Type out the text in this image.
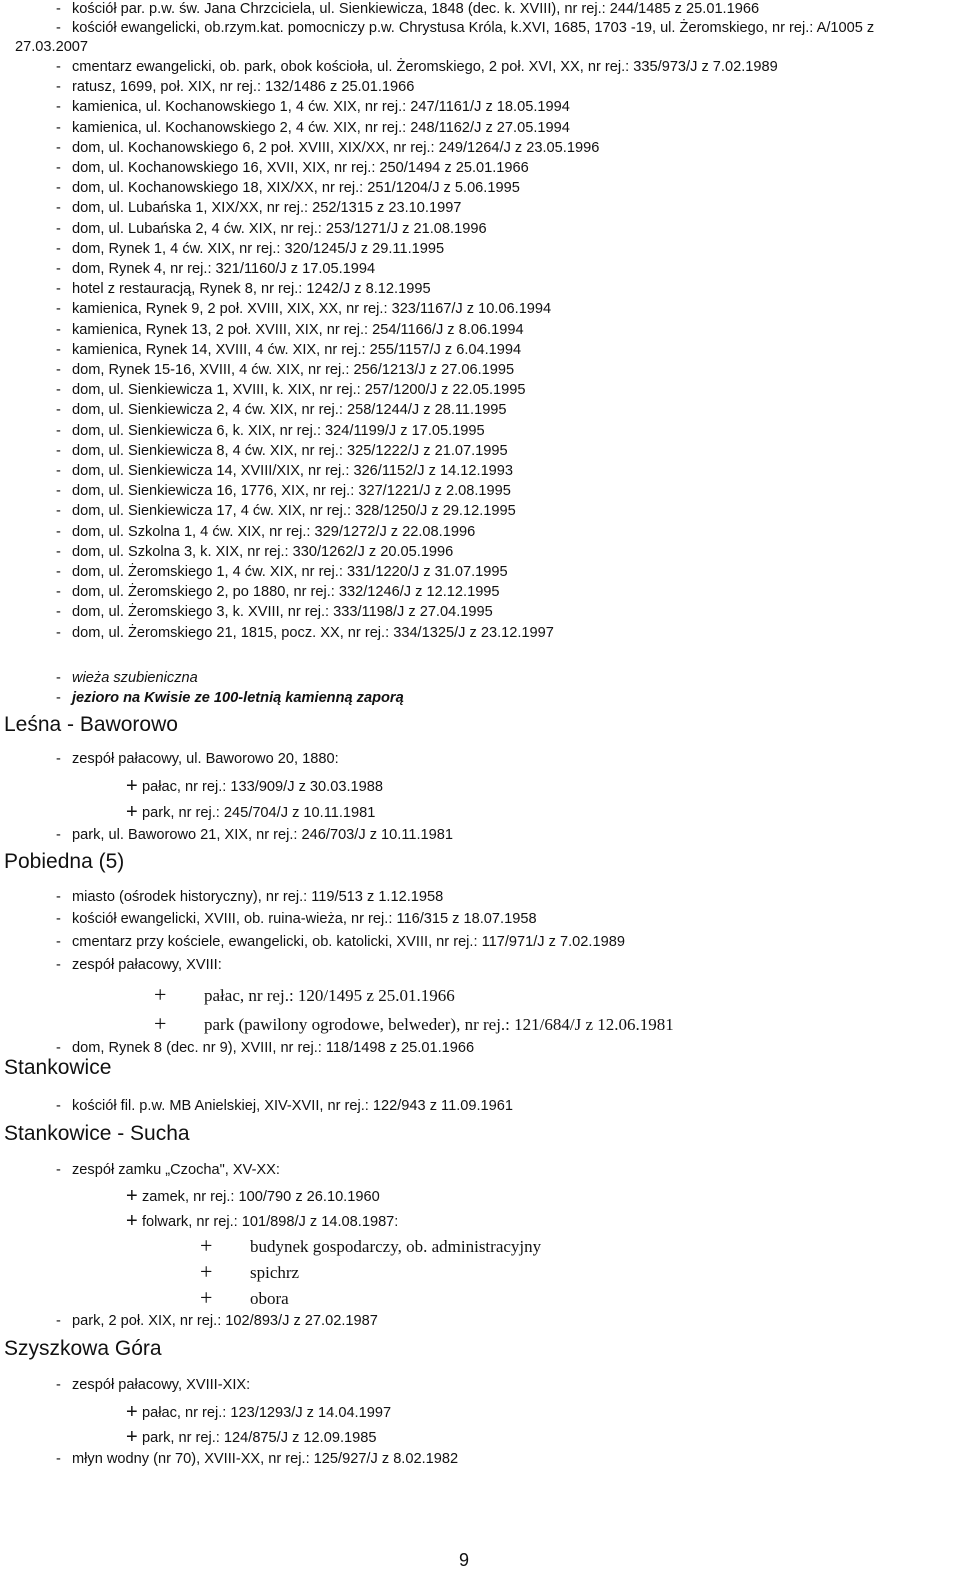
- kościół par. p.w. św. Jana Chrzciciela, ul. Sienkiewicza, 1848 (dec. k. XVIII), nr rej.: 244/1485 z 25.01.1966
- kościół ewangelicki, ob.rzym.kat. pomocniczy p.w. Chrystusa Króla, k.XVI, 1685, 1703 -19, ul. Żeromskiego, nr rej.: A/1005 z
27.03.2007
- cmentarz ewangelicki, ob. park, obok kościoła, ul. Żeromskiego, 2 poł. XVI, XX, nr rej.: 335/973/J z 7.02.1989
- ratusz, 1699, poł. XIX, nr rej.: 132/1486 z 25.01.1966
- kamienica, ul. Kochanowskiego 1, 4 ćw. XIX, nr rej.: 247/1161/J z 18.05.1994
- kamienica, ul. Kochanowskiego 2, 4 ćw. XIX, nr rej.: 248/1162/J z 27.05.1994
- dom, ul. Kochanowskiego 6, 2 poł. XVIII, XIX/XX, nr rej.: 249/1264/J z 23.05.1996
- dom, ul. Kochanowskiego 16, XVII, XIX, nr rej.: 250/1494 z 25.01.1966
- dom, ul. Kochanowskiego 18, XIX/XX, nr rej.: 251/1204/J z 5.06.1995
- dom, ul. Lubańska 1, XIX/XX, nr rej.: 252/1315 z 23.10.1997
- dom, ul. Lubańska 2, 4 ćw. XIX, nr rej.: 253/1271/J z 21.08.1996
- dom, Rynek 1, 4 ćw. XIX, nr rej.: 320/1245/J z 29.11.1995
- dom, Rynek 4, nr rej.: 321/1160/J z 17.05.1994
- hotel z restauracją, Rynek 8, nr rej.: 1242/J z 8.12.1995
- kamienica, Rynek 9, 2 poł. XVIII, XIX, XX, nr rej.: 323/1167/J z 10.06.1994
- kamienica, Rynek 13, 2 poł. XVIII, XIX, nr rej.: 254/1166/J z 8.06.1994
- kamienica, Rynek 14, XVIII, 4 ćw. XIX, nr rej.: 255/1157/J z 6.04.1994
- dom, Rynek 15-16, XVIII, 4 ćw. XIX, nr rej.: 256/1213/J z 27.06.1995
- dom, ul. Sienkiewicza 1, XVIII, k. XIX, nr rej.: 257/1200/J z 22.05.1995
- dom, ul. Sienkiewicza 2, 4 ćw. XIX, nr rej.: 258/1244/J z 28.11.1995
- dom, ul. Sienkiewicza 6, k. XIX, nr rej.: 324/1199/J z 17.05.1995
- dom, ul. Sienkiewicza 8, 4 ćw. XIX, nr rej.: 325/1222/J z 21.07.1995
- dom, ul. Sienkiewicza 14, XVIII/XIX, nr rej.: 326/1152/J z 14.12.1993
- dom, ul. Sienkiewicza 16, 1776, XIX, nr rej.: 327/1221/J z 2.08.1995
- dom, ul. Sienkiewicza 17, 4 ćw. XIX, nr rej.: 328/1250/J z 29.12.1995
- dom, ul. Szkolna 1, 4 ćw. XIX, nr rej.: 329/1272/J z 22.08.1996
- dom, ul. Szkolna 3, k. XIX, nr rej.: 330/1262/J z 20.05.1996
- dom, ul. Żeromskiego 1, 4 ćw. XIX, nr rej.: 331/1220/J z 31.07.1995
- dom, ul. Żeromskiego 2, po 1880, nr rej.: 332/1246/J z 12.12.1995
- dom, ul. Żeromskiego 3, k. XVIII, nr rej.: 333/1198/J z 27.04.1995
- dom, ul. Żeromskiego 21, 1815, pocz. XX, nr rej.: 334/1325/J z 23.12.1997
- wieża szubieniczna
- jezioro na Kwisie ze 100-letnią kamienną zaporą
Leśna - Baworowo
- zespół pałacowy, ul. Baworowo 20, 1880:
+ pałac, nr rej.: 133/909/J z 30.03.1988
+ park, nr rej.: 245/704/J z 10.11.1981
- park, ul. Baworowo 21, XIX, nr rej.: 246/703/J z 10.11.1981
Pobiedna (5)
- miasto (ośrodek historyczny), nr rej.: 119/513 z 1.12.1958
- kościół ewangelicki, XVIII, ob. ruina-wieża, nr rej.: 116/315 z 18.07.1958
- cmentarz przy kościele, ewangelicki, ob. katolicki, XVIII, nr rej.: 117/971/J z 7.02.1989
- zespół pałacowy, XVIII:
+ pałac, nr rej.: 120/1495 z 25.01.1966
+ park (pawilony ogrodowe, belweder), nr rej.: 121/684/J z 12.06.1981
- dom, Rynek 8 (dec. nr 9), XVIII, nr rej.: 118/1498 z 25.01.1966
Stankowice
- kościół fil. p.w. MB Anielskiej, XIV-XVII, nr rej.: 122/943 z 11.09.1961
Stankowice - Sucha
- zespół zamku „Czocha", XV-XX:
+ zamek, nr rej.: 100/790 z 26.10.1960
+ folwark, nr rej.: 101/898/J z 14.08.1987:
+ budynek gospodarczy, ob. administracyjny
+ spichrz
+ obora
- park, 2 poł. XIX, nr rej.: 102/893/J z 27.02.1987
Szyszkowa Góra
- zespół pałacowy, XVIII-XIX:
+ pałac, nr rej.: 123/1293/J z 14.04.1997
+ park, nr rej.: 124/875/J z 12.09.1985
- młyn wodny (nr 70), XVIII-XX, nr rej.: 125/927/J z 8.02.1982
9
